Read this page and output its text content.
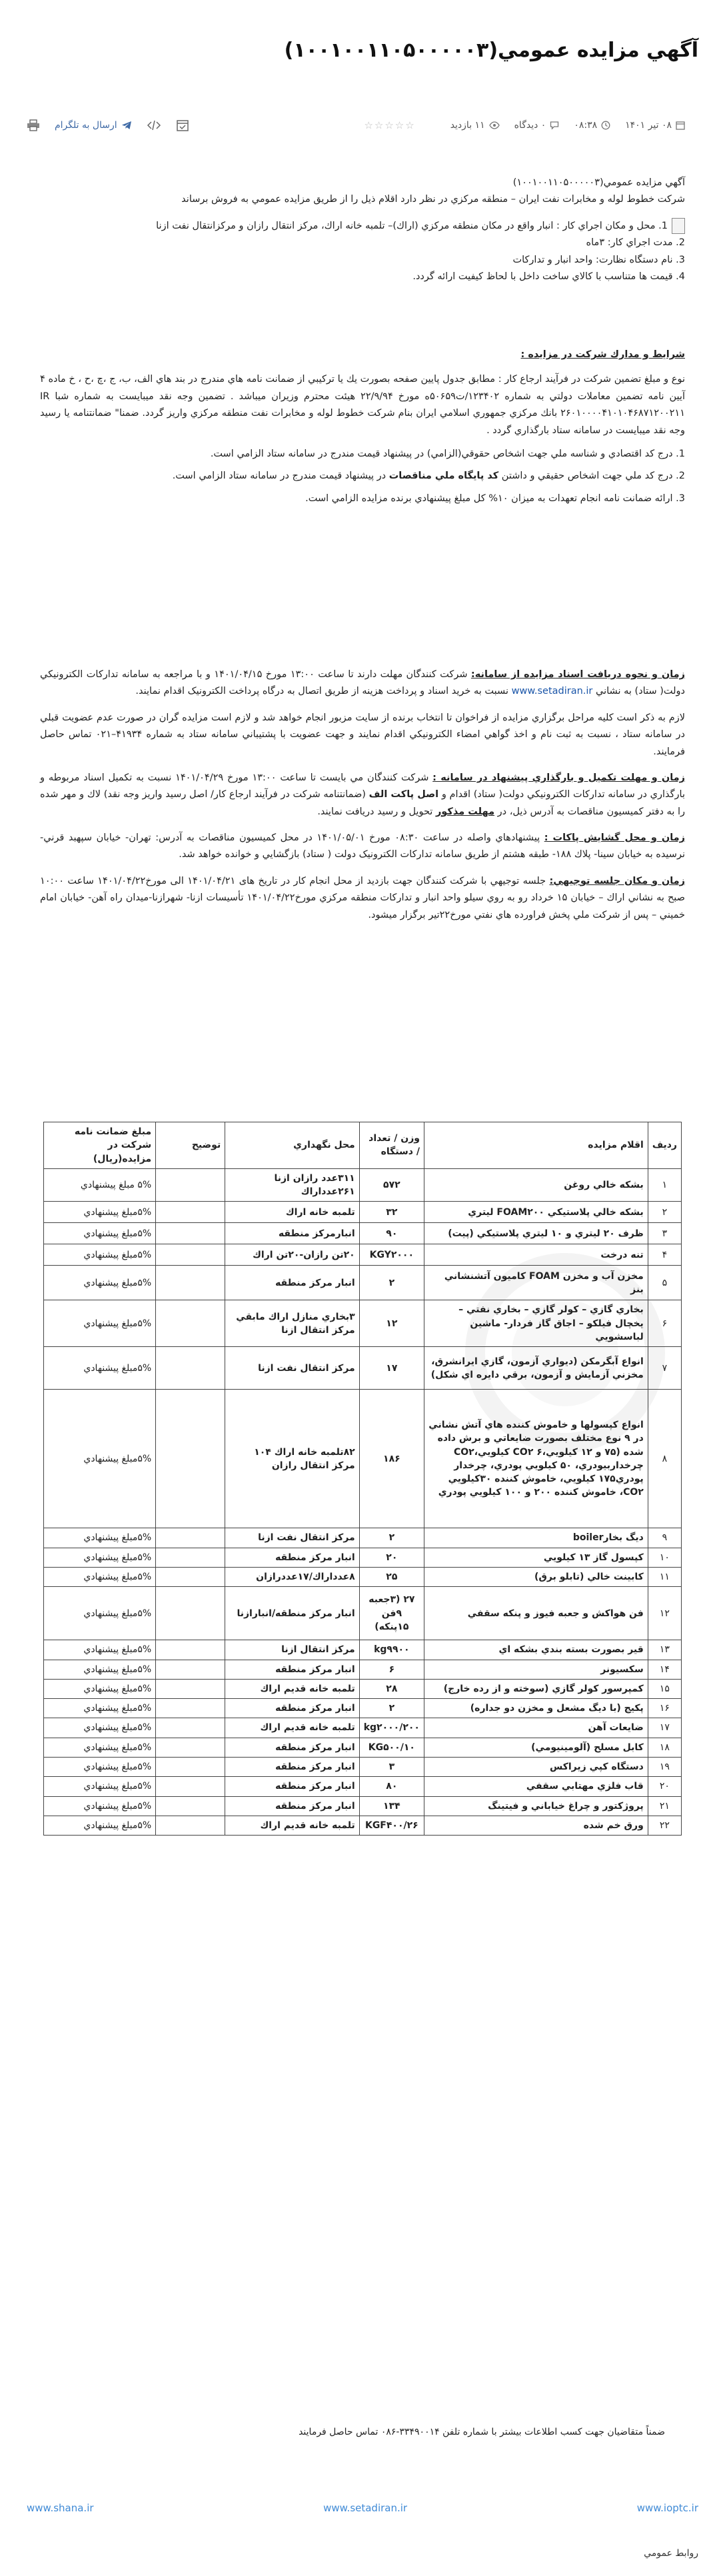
آگهي مزايده عمومي(۱۰۰۱۰۰۱۱۰۵۰۰۰۰۰۳)
۰۸ تیر ۱۴۰۱
۰۸:۳۸
۰ دیدگاه
۱۱ بازدید
☆☆☆☆☆
ارسال به تلگرام
آگهي مزايده عمومي(۱۰۰۱۰۰۱۱۰۵۰۰۰۰۰۳)
شرکت خطوط لوله و مخابرات نفت ايران – منطقه مرکزي در نظر دارد اقلام ذيل را از طريق مزايده عمومي به فروش برساند
1. محل و مکان اجراي کار : انبار واقع در مکان منطقه مرکزي (اراك)– تلمبه خانه اراك، مرکز انتقال رازان و مرکزانتقال نفت ازنا
2. مدت اجراي کار: ۳ماه
3. نام دستگاه نظارت: واحد انبار و تدارکات
4. قيمت ها متناسب با کالاي ساخت داخل با لحاظ کيفيت ارائه گردد.
شرايط و مدارك شرکت در مزايده :
نوع و مبلغ تضمين شرکت در فرآيند ارجاع کار : مطابق جدول پايين صفحه بصورت يك يا تركيبي از ضمانت نامه هاي مندرج در بند هاي الف، ب، ج ،چ ،ح ، خ ماده ۴ آيين نامه تضمين معاملات دولتي به شماره ۱۲۳۴۰۲/ت۵۰۶۵۹ه مورخ ۲۲/۹/۹۴ هيئت محترم وزيران ميباشد . تضمين وجه نقد ميبايست به شماره شبا IR ۲۶۰۱۰۰۰۰۴۱۰۱۰۴۶۸۷۱۲۰۰۲۱۱ بانك مرکزي جمهوري اسلامي ايران بنام شرکت خطوط لوله و مخابرات نفت منطقه مرکزي واريز گردد. ضمنا" ضمانتنامه يا رسيد وجه نقد ميبايست در سامانه ستاد بارگذاري گردد .
1. درج کد اقتصادي و شناسه ملي جهت اشخاص حقوقي(الزامي) در پيشنهاد قيمت مندرج در سامانه ستاد الزامي است.
2. درج کد ملي جهت اشخاص حقيقي و داشتن كد پايگاه ملي مناقصات در پيشنهاد قيمت مندرج در سامانه ستاد الزامي است.
3. ارائه ضمانت نامه انجام تعهدات به ميزان ۱۰% کل مبلغ پيشنهادي برنده مزايده الزامي است.
زمان و نحوه دريافت اسناد مزايده از سامانه: شرکت کنندگان مهلت دارند تا ساعت ۱۳:۰۰ مورخ ۱۴۰۱/۰۴/۱۵ و با مراجعه به سامانه تدارکات الکترونيکي دولت( ستاد) به نشاني www.setadiran.ir نسبت به خريد اسناد و پرداخت هزينه از طريق اتصال به درگاه پرداخت الکترونيک اقدام نمايند.
لازم به ذکر است کليه مراحل برگزاري مزايده از فراخوان تا انتخاب برنده از سايت مزبور انجام خواهد شد و لازم است مزايده گران در صورت عدم عضويت قبلي در سامانه ستاد ، نسبت به ثبت نام و اخذ گواهي امضاء الکترونيکي اقدام نمايند و جهت عضويت با پشتيباني سامانه ستاد به شماره ۴۱۹۳۴–۰۲۱ تماس حاصل فرمايند.
زمان و مهلت تكميل و بارگذاري پيشنهاد در سامانه : شرکت کنندگان مي بايست تا ساعت ۱۳:۰۰ مورخ ۱۴۰۱/۰۴/۲۹ نسبت به تكميل اسناد مربوطه و بارگذاري در سامانه تدارکات الکترونيکي دولت( ستاد) اقدام و اصل پاكت الف (ضمانتنامه شرکت در فرآيند ارجاع کار/ اصل رسيد واريز وجه نقد) لاك و مهر شده را به دفتر کميسيون مناقصات به آدرس ذيل، در مهلت مذکور تحويل و رسيد دريافت نمايند.
زمان و محل گشايش پاکات : پيشنهادهاي واصله در ساعت ۰۸:۳۰ مورخ ۱۴۰۱/۰۵/۰۱ در محل كميسيون مناقصات به آدرس: تهران- خيابان سپهبد قرني- نرسيده به خيابان سينا- پلاك ۱۸۸- طبقه هشتم از طريق سامانه تدارکات الکترونيک دولت ( ستاد) بازگشايي و خوانده خواهد شد.
زمان و مکان جلسه توجيهي: جلسه توجيهي با شرکت كنندگان جهت بازديد از محل انجام کار در تاريخ های ۱۴۰۱/۰۴/۲۱ الی مورخ۱۴۰۱/۰۴/۲۲ ساعت ۱۰:۰۰ صبح به نشاني اراك – خيابان ۱۵ خرداد رو به روي سيلو واحد انبار و تدارکات منطقه مرکزي مورخ۱۴۰۱/۰۴/۲۲ تأسيسات ازنا- شهرازنا-ميدان راه آهن- خيابان امام خميني – پس از شرکت ملي پخش فراورده هاي نفتي مورخ۲۲تير برگزار ميشود.
رديف	اقلام مزايده	وزن / تعداد / دستگاه	محل نگهداري	توضيح	مبلغ ضمانت نامه شرکت در مزايده(ريال)
۱	بشکه خالي روغن	۵۷۲	۳۱۱عدد رازان ازنا ۲۶۱عدداراك		۵% مبلغ پيشنهادي
۲	بشکه خالي پلاستيکي FOAM۲۰۰ ليتري	۳۲	تلمبه خانه اراك		۵%مبلغ پيشنهادي
۳	ظرف ۲۰ ليتري و ۱۰ ليتري پلاستيکي (پيت)	۹۰	انبارمرکز منطقه		۵%مبلغ پيشنهادي
۴	تنه درخت	KGY۲۰۰۰	۲۰تن رازان-۲۰تن اراك		۵%مبلغ پيشنهادي
۵	مخزن آب و مخزن FOAM کاميون آتشنشاني بنز	۲	انبار مرکز منطقه		۵%مبلغ پيشنهادي
۶	بخاري گازي – کولر گازي – بخاري نفتي – يخچال فيلکو – اجاق گاز فردار- ماشين لباسشويي	۱۲	۳بخاري منازل اراك مابقي مرکز انتقال ازنا		۵%مبلغ پيشنهادي
۷	انواع آبگرمکن (ديواري آزمون، گازي ايرانشرق، مخزني آزمايش و آزمون، برقي دايره اي شکل)	۱۷	مرکز انتقال نفت ازنا		۵%مبلغ پيشنهادي
۸	انواع کپسولها و خاموش کننده هاي آتش نشاني در ۹ نوع مختلف بصورت ضايعاتي و برش داده شده (۷۵ و ۱۲ کيلويي،CO۲ ۶ کيلويي،CO۲ چرخداربيودري، ۵۰ کيلويي پودري، چرخدار پودري۱۷۵ کيلويي، خاموش کننده ۳۰کيلويي CO۲، خاموش کننده ۲۰۰ و ۱۰۰ کيلويي پودري	۱۸۶	۸۲تلمبه خانه اراك ۱۰۴ مرکز انتقال رازان		۵%مبلغ پيشنهادي
۹	ديگ بخارboiler	۲	مرکز انتقال نفت ازنا		۵%مبلغ پيشنهادي
۱۰	کپسول گاز ۱۳ کيلويي	۲۰	انبار مرکز منطقه		۵%مبلغ پيشنهادي
۱۱	کابينت خالي (تابلو برق)	۲۵	۸عدداراك/۱۷عددرازان		۵%مبلغ پيشنهادي
۱۲	فن هواکش و جعبه فيوز و پنکه سقفي	۲۷ (۳جعبه ۹فن ۱۵پنکه)	انبار مرکز منطقه/انبارازنا		۵%مبلغ پيشنهادي
۱۳	قير بصورت بسته بندي بشکه اي	kg۹۹۰۰	مرکز انتقال ازنا		۵%مبلغ پيشنهادي
۱۴	سکسيونر	۶	انبار مرکز منطقه		۵%مبلغ پيشنهادي
۱۵	کمپرسور کولر گازي (سوخته و از رده خارج)	۲۸	تلمبه خانه قديم اراك		۵%مبلغ پيشنهادي
۱۶	پکيج (با ديگ مشعل و مخزن دو جداره)	۲	انبار مرکز منطقه		۵%مبلغ پيشنهادي
۱۷	ضايعات آهن	kg۲۰۰۰/۲۰۰	تلمبه خانه قديم اراك		۵%مبلغ پيشنهادي
۱۸	کابل مسلح (آلومينيومي)	KG۵۰۰/۱۰	انبار مرکز منطقه		۵%مبلغ پيشنهادي
۱۹	دستگاه کپي زيراکس	۳	انبار مرکز منطقه		۵%مبلغ پيشنهادي
۲۰	قاب فلزي مهتابي سقفي	۸۰	انبار مرکز منطقه		۵%مبلغ پيشنهادي
۲۱	پروژکتور و چراغ خياباني و فيتينگ	۱۳۴	انبار مرکز منطقه		۵%مبلغ پيشنهادي
۲۲	ورق خم شده	KGF۴۰۰/۲۶	تلمبه خانه قديم اراك		۵%مبلغ پيشنهادي
ضمناً متقاضيان جهت کسب اطلاعات بيشتر با شماره تلفن ۳۳۴۹۰۰۱۴-۰۸۶ تماس حاصل فرمايند
www.ioptc.ir
www.setadiran.ir
www.shana.ir
روابط عمومي
